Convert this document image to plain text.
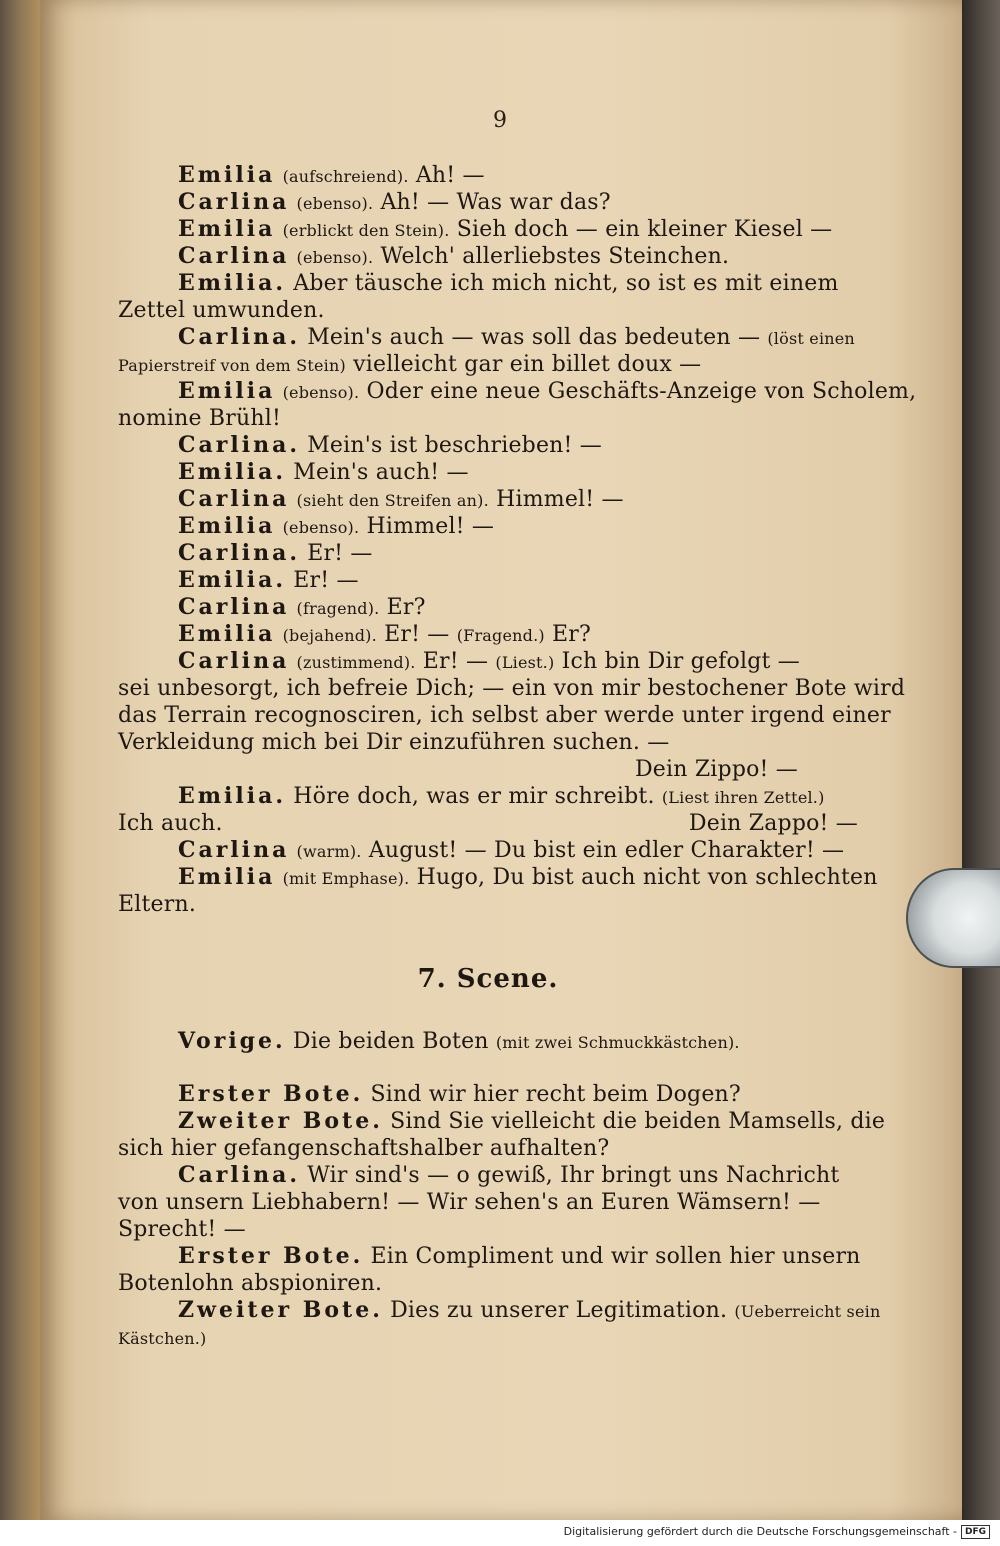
9
Emilia (aufschreiend). Ah! —
Carlina (ebenso). Ah! — Was war das?
Emilia (erblickt den Stein). Sieh doch — ein kleiner Kiesel —
Carlina (ebenso). Welch' allerliebstes Steinchen.
Emilia. Aber täusche ich mich nicht, so ist es mit einem
Zettel umwunden.
Carlina. Mein's auch — was soll das bedeuten — (löst einen
Papierstreif von dem Stein) vielleicht gar ein billet doux —
Emilia (ebenso). Oder eine neue Geschäfts-Anzeige von Scholem,
nomine Brühl!
Carlina. Mein's ist beschrieben! —
Emilia. Mein's auch! —
Carlina (sieht den Streifen an). Himmel! —
Emilia (ebenso). Himmel! —
Carlina. Er! —
Emilia. Er! —
Carlina (fragend). Er?
Emilia (bejahend). Er! — (Fragend.) Er?
Carlina (zustimmend). Er! — (Liest.) Ich bin Dir gefolgt —
sei unbesorgt, ich befreie Dich; — ein von mir bestochener Bote wird
das Terrain recognosciren, ich selbst aber werde unter irgend einer
Verkleidung mich bei Dir einzuführen suchen. —
Dein Zippo! —
Emilia. Höre doch, was er mir schreibt. (Liest ihren Zettel.)
Ich auch.	Dein Zappo! —
Carlina (warm). August! — Du bist ein edler Charakter! —
Emilia (mit Emphase). Hugo, Du bist auch nicht von schlechten
Eltern.
7. Scene.
Vorige. Die beiden Boten (mit zwei Schmuckkästchen).
Erster Bote. Sind wir hier recht beim Dogen?
Zweiter Bote. Sind Sie vielleicht die beiden Mamsells, die
sich hier gefangenschaftshalber aufhalten?
Carlina. Wir sind's — o gewiß, Ihr bringt uns Nachricht
von unsern Liebhabern! — Wir sehen's an Euren Wämsern! —
Sprecht! —
Erster Bote. Ein Compliment und wir sollen hier unsern
Botenlohn abspioniren.
Zweiter Bote. Dies zu unserer Legitimation. (Ueberreicht sein
Kästchen.)
Digitalisierung gefördert durch die Deutsche Forschungsgemeinschaft - DFG
